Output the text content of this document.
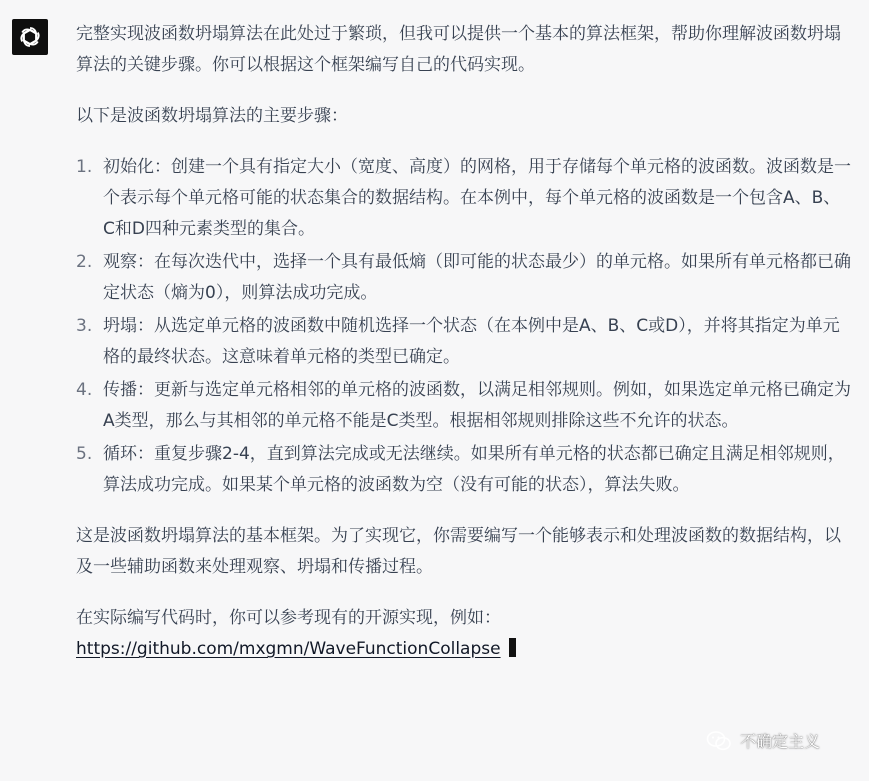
完整实现波函数坍塌算法在此处过于繁琐，但我可以提供一个基本的算法框架，帮助你理解波函数坍塌算法的关键步骤。你可以根据这个框架编写自己的代码实现。

以下是波函数坍塌算法的主要步骤：

1. 初始化：创建一个具有指定大小（宽度、高度）的网格，用于存储每个单元格的波函数。波函数是一个表示每个单元格可能的状态集合的数据结构。在本例中，每个单元格的波函数是一个包含A、B、C和D四种元素类型的集合。
2. 观察：在每次迭代中，选择一个具有最低熵（即可能的状态最少）的单元格。如果所有单元格都已确定状态（熵为0），则算法成功完成。
3. 坍塌：从选定单元格的波函数中随机选择一个状态（在本例中是A、B、C或D），并将其指定为单元格的最终状态。这意味着单元格的类型已确定。
4. 传播：更新与选定单元格相邻的单元格的波函数，以满足相邻规则。例如，如果选定单元格已确定为A类型，那么与其相邻的单元格不能是C类型。根据相邻规则排除这些不允许的状态。
5. 循环：重复步骤2-4，直到算法完成或无法继续。如果所有单元格的状态都已确定且满足相邻规则，算法成功完成。如果某个单元格的波函数为空（没有可能的状态），算法失败。

这是波函数坍塌算法的基本框架。为了实现它，你需要编写一个能够表示和处理波函数的数据结构，以及一些辅助函数来处理观察、坍塌和传播过程。

在实际编写代码时，你可以参考现有的开源实现，例如：
https://github.com/mxgmn/WaveFunctionCollapse

不确定主义
